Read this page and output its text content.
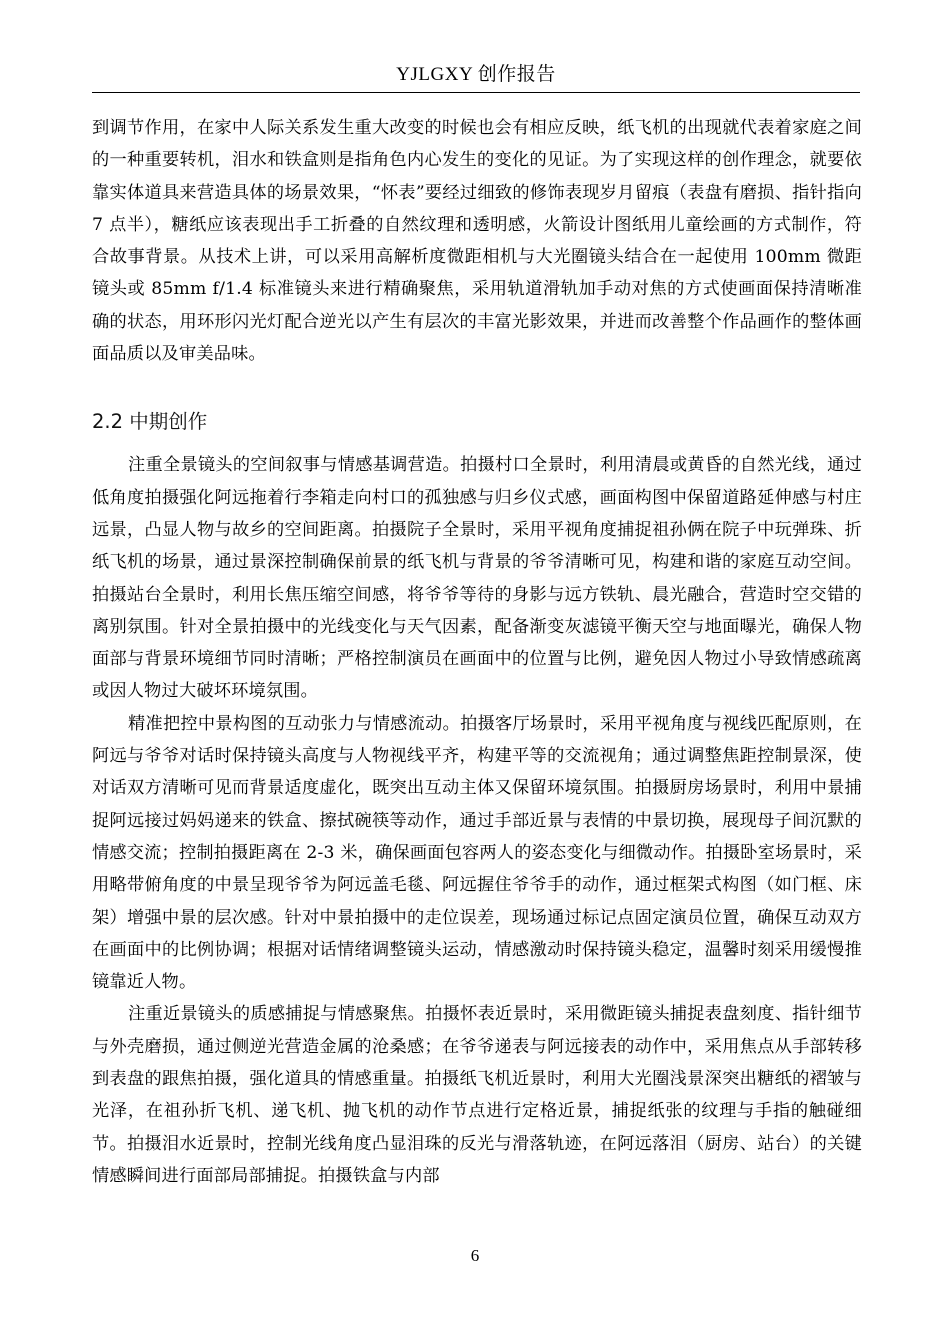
YJLGXY 创作报告

到调节作用，在家中人际关系发生重大改变的时候也会有相应反映，纸飞机的出现就代表着家庭之间的一种重要转机，泪水和铁盒则是指角色内心发生的变化的见证。为了实现这样的创作理念，就要依靠实体道具来营造具体的场景效果，“怀表”要经过细致的修饰表现岁月留痕（表盘有磨损、指针指向 7 点半），糖纸应该表现出手工折叠的自然纹理和透明感，火箭设计图纸用儿童绘画的方式制作，符合故事背景。从技术上讲，可以采用高解析度微距相机与大光圈镜头结合在一起使用 100mm 微距镜头或 85mm f/1.4 标准镜头来进行精确聚焦，采用轨道滑轨加手动对焦的方式使画面保持清晰准确的状态，用环形闪光灯配合逆光以产生有层次的丰富光影效果，并进而改善整个作品画作的整体画面品质以及审美品味。

2.2 中期创作

注重全景镜头的空间叙事与情感基调营造。拍摄村口全景时，利用清晨或黄昏的自然光线，通过低角度拍摄强化阿远拖着行李箱走向村口的孤独感与归乡仪式感，画面构图中保留道路延伸感与村庄远景，凸显人物与故乡的空间距离。拍摄院子全景时，采用平视角度捕捉祖孙俩在院子中玩弹珠、折纸飞机的场景，通过景深控制确保前景的纸飞机与背景的爷爷清晰可见，构建和谐的家庭互动空间。拍摄站台全景时，利用长焦压缩空间感，将爷爷等待的身影与远方铁轨、晨光融合，营造时空交错的离别氛围。针对全景拍摄中的光线变化与天气因素，配备渐变灰滤镜平衡天空与地面曝光，确保人物面部与背景环境细节同时清晰；严格控制演员在画面中的位置与比例，避免因人物过小导致情感疏离或因人物过大破坏环境氛围。

精准把控中景构图的互动张力与情感流动。拍摄客厅场景时，采用平视角度与视线匹配原则，在阿远与爷爷对话时保持镜头高度与人物视线平齐，构建平等的交流视角；通过调整焦距控制景深，使对话双方清晰可见而背景适度虚化，既突出互动主体又保留环境氛围。拍摄厨房场景时，利用中景捕捉阿远接过妈妈递来的铁盒、擦拭碗筷等动作，通过手部近景与表情的中景切换，展现母子间沉默的情感交流；控制拍摄距离在 2-3 米，确保画面包容两人的姿态变化与细微动作。拍摄卧室场景时，采用略带俯角度的中景呈现爷爷为阿远盖毛毯、阿远握住爷爷手的动作，通过框架式构图（如门框、床架）增强中景的层次感。针对中景拍摄中的走位误差，现场通过标记点固定演员位置，确保互动双方在画面中的比例协调；根据对话情绪调整镜头运动，情感激动时保持镜头稳定，温馨时刻采用缓慢推镜靠近人物。

注重近景镜头的质感捕捉与情感聚焦。拍摄怀表近景时，采用微距镜头捕捉表盘刻度、指针细节与外壳磨损，通过侧逆光营造金属的沧桑感；在爷爷递表与阿远接表的动作中，采用焦点从手部转移到表盘的跟焦拍摄，强化道具的情感重量。拍摄纸飞机近景时，利用大光圈浅景深突出糖纸的褶皱与光泽，在祖孙折飞机、递飞机、抛飞机的动作节点进行定格近景，捕捉纸张的纹理与手指的触碰细节。拍摄泪水近景时，控制光线角度凸显泪珠的反光与滑落轨迹，在阿远落泪（厨房、站台）的关键情感瞬间进行面部局部捕捉。拍摄铁盒与内部

6
